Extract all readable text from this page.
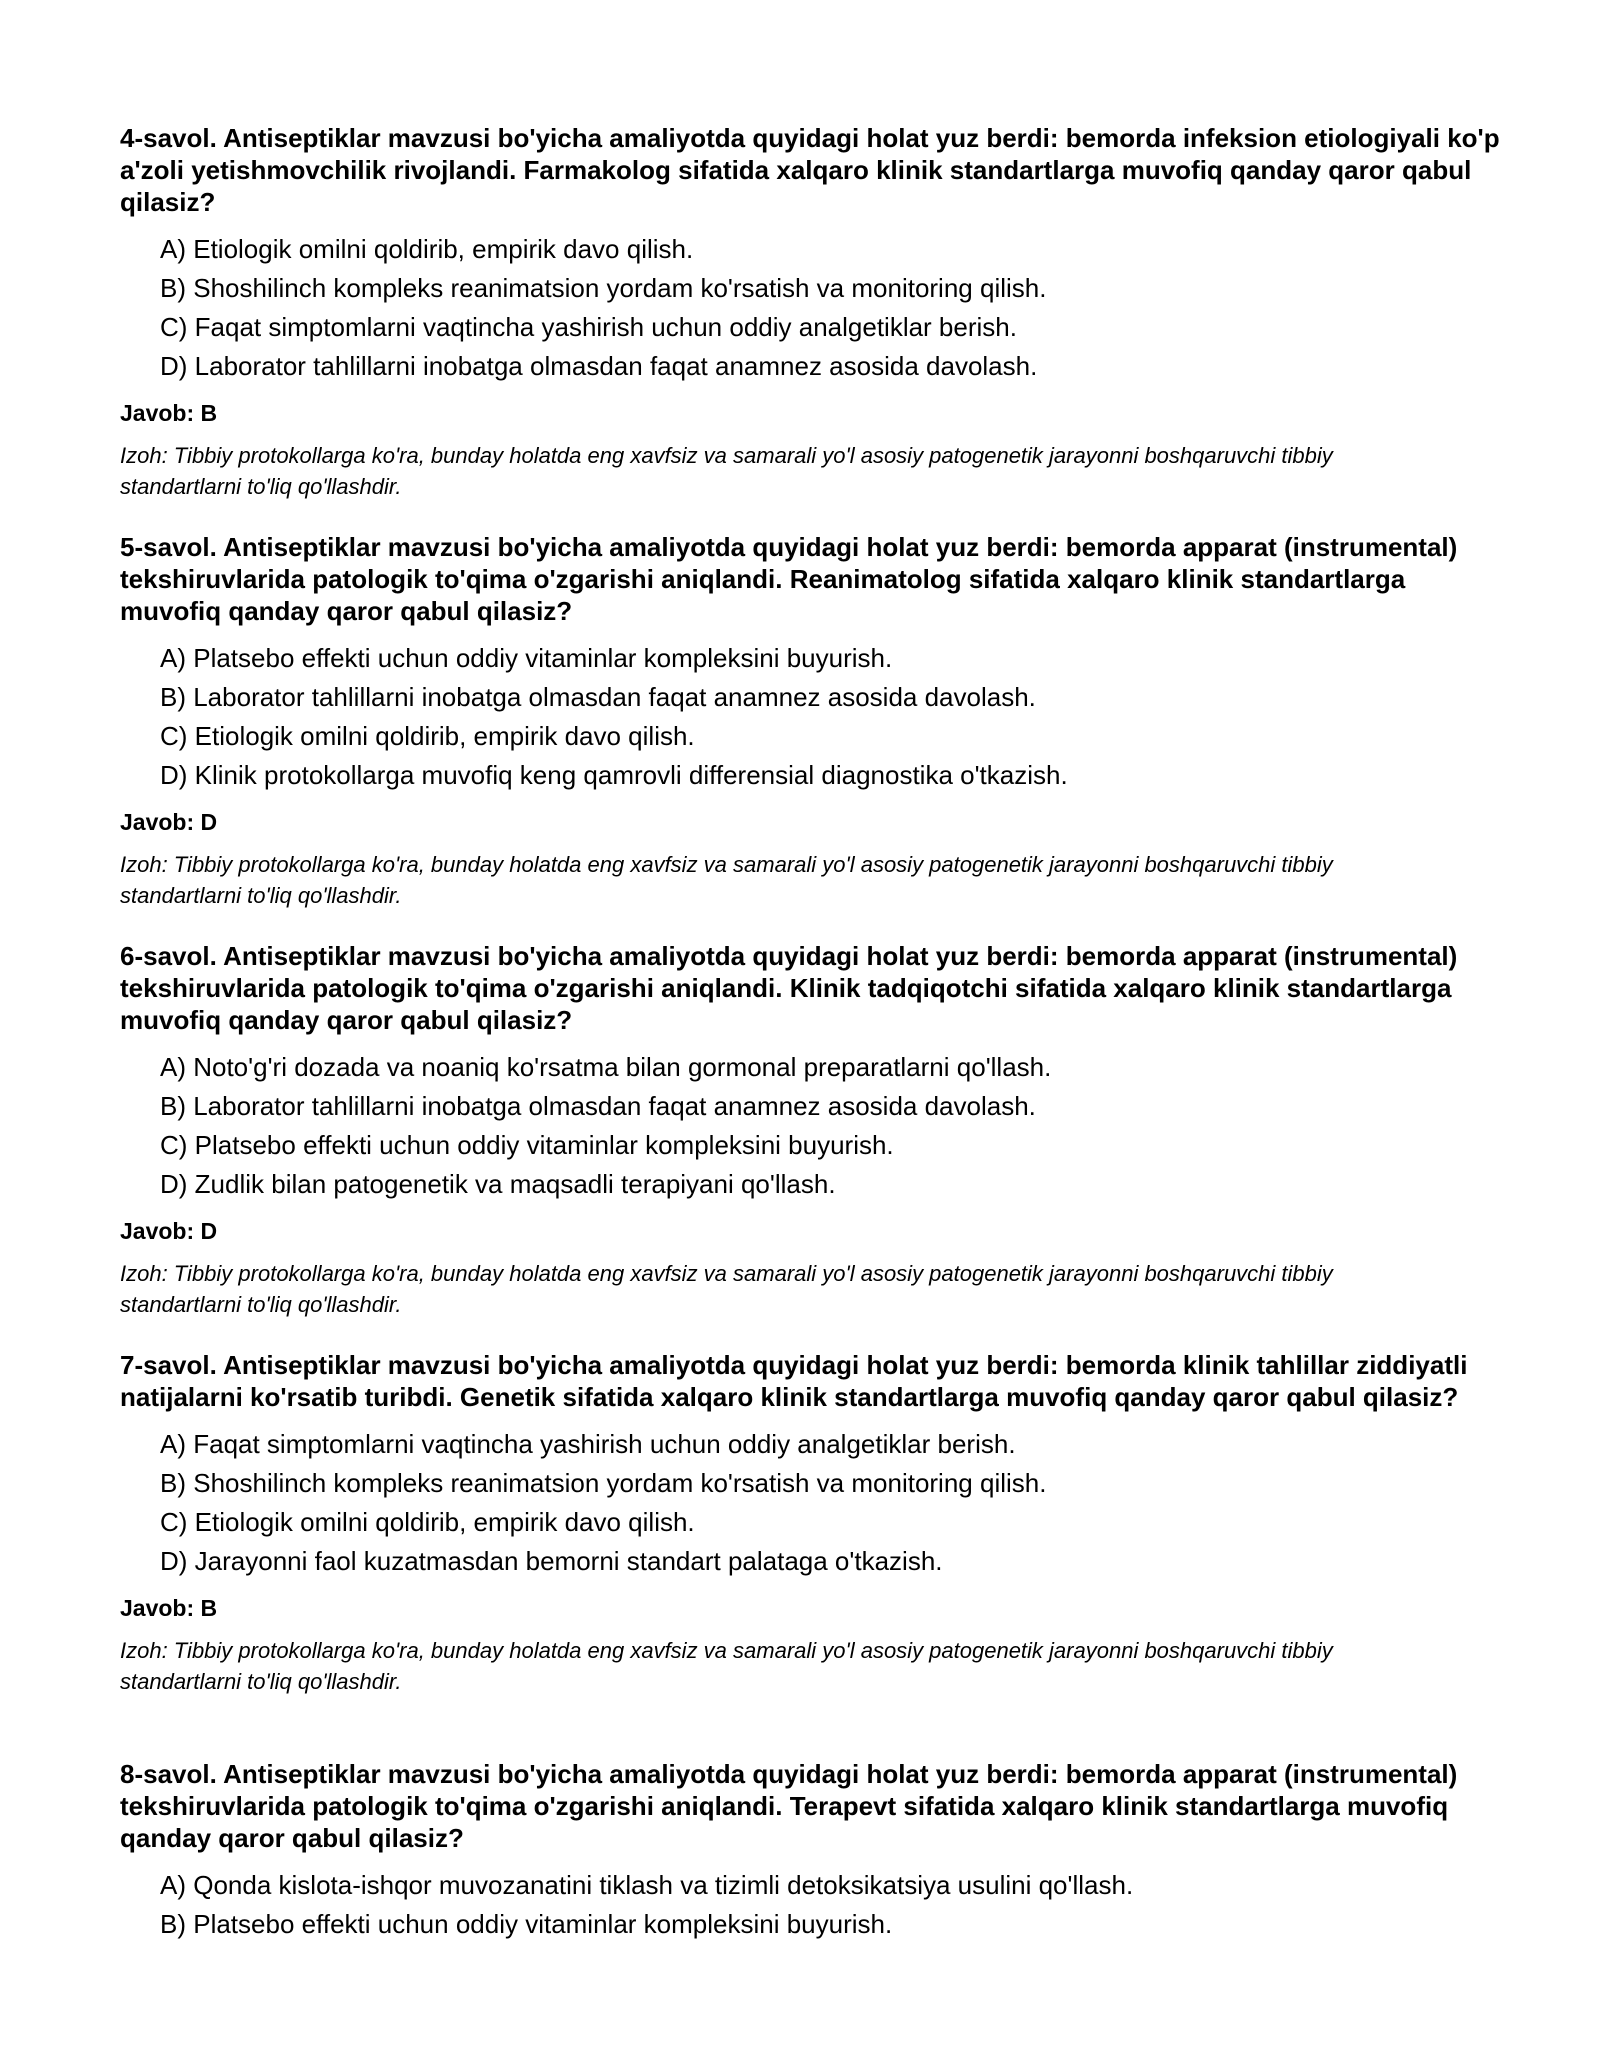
4-savol. Antiseptiklar mavzusi bo'yicha amaliyotda quyidagi holat yuz berdi: bemorda infeksion etiologiyali ko'p a'zoli yetishmovchilik rivojlandi. Farmakolog sifatida xalqaro klinik standartlarga muvofiq qanday qaror qabul qilasiz?

A) Etiologik omilni qoldirib, empirik davo qilish.
B) Shoshilinch kompleks reanimatsion yordam ko'rsatish va monitoring qilish.
C) Faqat simptomlarni vaqtincha yashirish uchun oddiy analgetiklar berish.
D) Laborator tahlillarni inobatga olmasdan faqat anamnez asosida davolash.

Javob: B

Izoh: Tibbiy protokollarga ko'ra, bunday holatda eng xavfsiz va samarali yo'l asosiy patogenetik jarayonni boshqaruvchi tibbiy standartlarni to'liq qo'llashdir.

5-savol. Antiseptiklar mavzusi bo'yicha amaliyotda quyidagi holat yuz berdi: bemorda apparat (instrumental) tekshiruvlarida patologik to'qima o'zgarishi aniqlandi. Reanimatolog sifatida xalqaro klinik standartlarga muvofiq qanday qaror qabul qilasiz?

A) Platsebo effekti uchun oddiy vitaminlar kompleksini buyurish.
B) Laborator tahlillarni inobatga olmasdan faqat anamnez asosida davolash.
C) Etiologik omilni qoldirib, empirik davo qilish.
D) Klinik protokollarga muvofiq keng qamrovli differensial diagnostika o'tkazish.

Javob: D

Izoh: Tibbiy protokollarga ko'ra, bunday holatda eng xavfsiz va samarali yo'l asosiy patogenetik jarayonni boshqaruvchi tibbiy standartlarni to'liq qo'llashdir.

6-savol. Antiseptiklar mavzusi bo'yicha amaliyotda quyidagi holat yuz berdi: bemorda apparat (instrumental) tekshiruvlarida patologik to'qima o'zgarishi aniqlandi. Klinik tadqiqotchi sifatida xalqaro klinik standartlarga muvofiq qanday qaror qabul qilasiz?

A) Noto'g'ri dozada va noaniq ko'rsatma bilan gormonal preparatlarni qo'llash.
B) Laborator tahlillarni inobatga olmasdan faqat anamnez asosida davolash.
C) Platsebo effekti uchun oddiy vitaminlar kompleksini buyurish.
D) Zudlik bilan patogenetik va maqsadli terapiyani qo'llash.

Javob: D

Izoh: Tibbiy protokollarga ko'ra, bunday holatda eng xavfsiz va samarali yo'l asosiy patogenetik jarayonni boshqaruvchi tibbiy standartlarni to'liq qo'llashdir.

7-savol. Antiseptiklar mavzusi bo'yicha amaliyotda quyidagi holat yuz berdi: bemorda klinik tahlillar ziddiyatli natijalarni ko'rsatib turibdi. Genetik sifatida xalqaro klinik standartlarga muvofiq qanday qaror qabul qilasiz?

A) Faqat simptomlarni vaqtincha yashirish uchun oddiy analgetiklar berish.
B) Shoshilinch kompleks reanimatsion yordam ko'rsatish va monitoring qilish.
C) Etiologik omilni qoldirib, empirik davo qilish.
D) Jarayonni faol kuzatmasdan bemorni standart palataga o'tkazish.

Javob: B

Izoh: Tibbiy protokollarga ko'ra, bunday holatda eng xavfsiz va samarali yo'l asosiy patogenetik jarayonni boshqaruvchi tibbiy standartlarni to'liq qo'llashdir.

8-savol. Antiseptiklar mavzusi bo'yicha amaliyotda quyidagi holat yuz berdi: bemorda apparat (instrumental) tekshiruvlarida patologik to'qima o'zgarishi aniqlandi. Terapevt sifatida xalqaro klinik standartlarga muvofiq qanday qaror qabul qilasiz?

A) Qonda kislota-ishqor muvozanatini tiklash va tizimli detoksikatsiya usulini qo'llash.
B) Platsebo effekti uchun oddiy vitaminlar kompleksini buyurish.
